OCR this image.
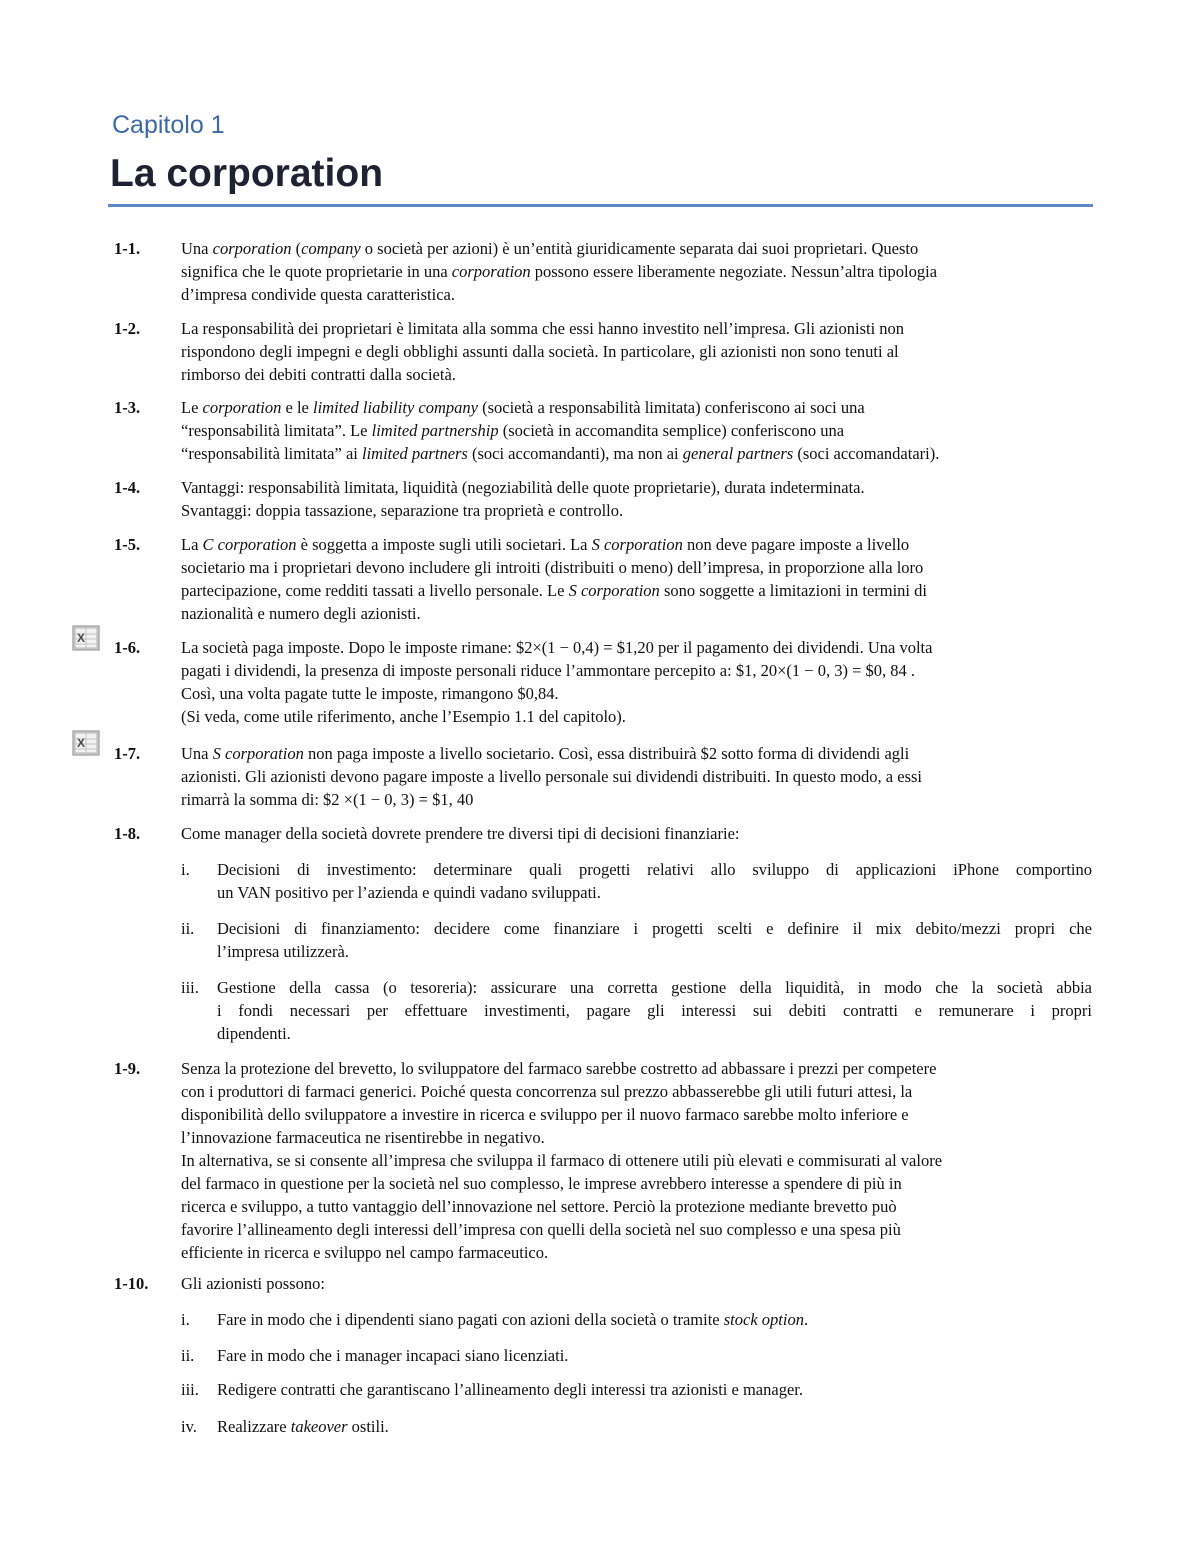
Capitolo 1
La corporation
1-1. Una corporation (company o società per azioni) è un’entità giuridicamente separata dai suoi proprietari. Questo
significa che le quote proprietarie in una corporation possono essere liberamente negoziate. Nessun’altra tipologia
d’impresa condivide questa caratteristica.
1-2. La responsabilità dei proprietari è limitata alla somma che essi hanno investito nell’impresa. Gli azionisti non
rispondono degli impegni e degli obblighi assunti dalla società. In particolare, gli azionisti non sono tenuti al
rimborso dei debiti contratti dalla società.
1-3. Le corporation e le limited liability company (società a responsabilità limitata) conferiscono ai soci una
“responsabilità limitata”. Le limited partnership (società in accomandita semplice) conferiscono una
“responsabilità limitata” ai limited partners (soci accomandanti), ma non ai general partners (soci accomandatari).
1-4. Vantaggi: responsabilità limitata, liquidità (negoziabilità delle quote proprietarie), durata indeterminata.
Svantaggi: doppia tassazione, separazione tra proprietà e controllo.
1-5. La C corporation è soggetta a imposte sugli utili societari. La S corporation non deve pagare imposte a livello
societario ma i proprietari devono includere gli introiti (distribuiti o meno) dell’impresa, in proporzione alla loro
partecipazione, come redditi tassati a livello personale. Le S corporation sono soggette a limitazioni in termini di
nazionalità e numero degli azionisti.
1-6. La società paga imposte. Dopo le imposte rimane: $2×(1 − 0,4) = $1,20 per il pagamento dei dividendi. Una volta
pagati i dividendi, la presenza di imposte personali riduce l’ammontare percepito a: $1, 20×(1 − 0, 3) = $0, 84 .
Così, una volta pagate tutte le imposte, rimangono $0,84.
(Si veda, come utile riferimento, anche l’Esempio 1.1 del capitolo).
1-7. Una S corporation non paga imposte a livello societario. Così, essa distribuirà $2 sotto forma di dividendi agli
azionisti. Gli azionisti devono pagare imposte a livello personale sui dividendi distribuiti. In questo modo, a essi
rimarrà la somma di: $2 ×(1 − 0, 3) = $1, 40
1-8. Come manager della società dovrete prendere tre diversi tipi di decisioni finanziarie:
i. Decisioni di investimento: determinare quali progetti relativi allo sviluppo di applicazioni iPhone comportino
un VAN positivo per l’azienda e quindi vadano sviluppati.
ii. Decisioni di finanziamento: decidere come finanziare i progetti scelti e definire il mix debito/mezzi propri che
l’impresa utilizzerà.
iii. Gestione della cassa (o tesoreria): assicurare una corretta gestione della liquidità, in modo che la società abbia
i fondi necessari per effettuare investimenti, pagare gli interessi sui debiti contratti e remunerare i propri
dipendenti.
1-9. Senza la protezione del brevetto, lo sviluppatore del farmaco sarebbe costretto ad abbassare i prezzi per competere
con i produttori di farmaci generici. Poiché questa concorrenza sul prezzo abbasserebbe gli utili futuri attesi, la
disponibilità dello sviluppatore a investire in ricerca e sviluppo per il nuovo farmaco sarebbe molto inferiore e
l’innovazione farmaceutica ne risentirebbe in negativo.
In alternativa, se si consente all’impresa che sviluppa il farmaco di ottenere utili più elevati e commisurati al valore
del farmaco in questione per la società nel suo complesso, le imprese avrebbero interesse a spendere di più in
ricerca e sviluppo, a tutto vantaggio dell’innovazione nel settore. Perciò la protezione mediante brevetto può
favorire l’allineamento degli interessi dell’impresa con quelli della società nel suo complesso e una spesa più
efficiente in ricerca e sviluppo nel campo farmaceutico.
1-10. Gli azionisti possono:
i. Fare in modo che i dipendenti siano pagati con azioni della società o tramite stock option.
ii. Fare in modo che i manager incapaci siano licenziati.
iii. Redigere contratti che garantiscano l’allineamento degli interessi tra azionisti e manager.
iv. Realizzare takeover ostili.
X
X
